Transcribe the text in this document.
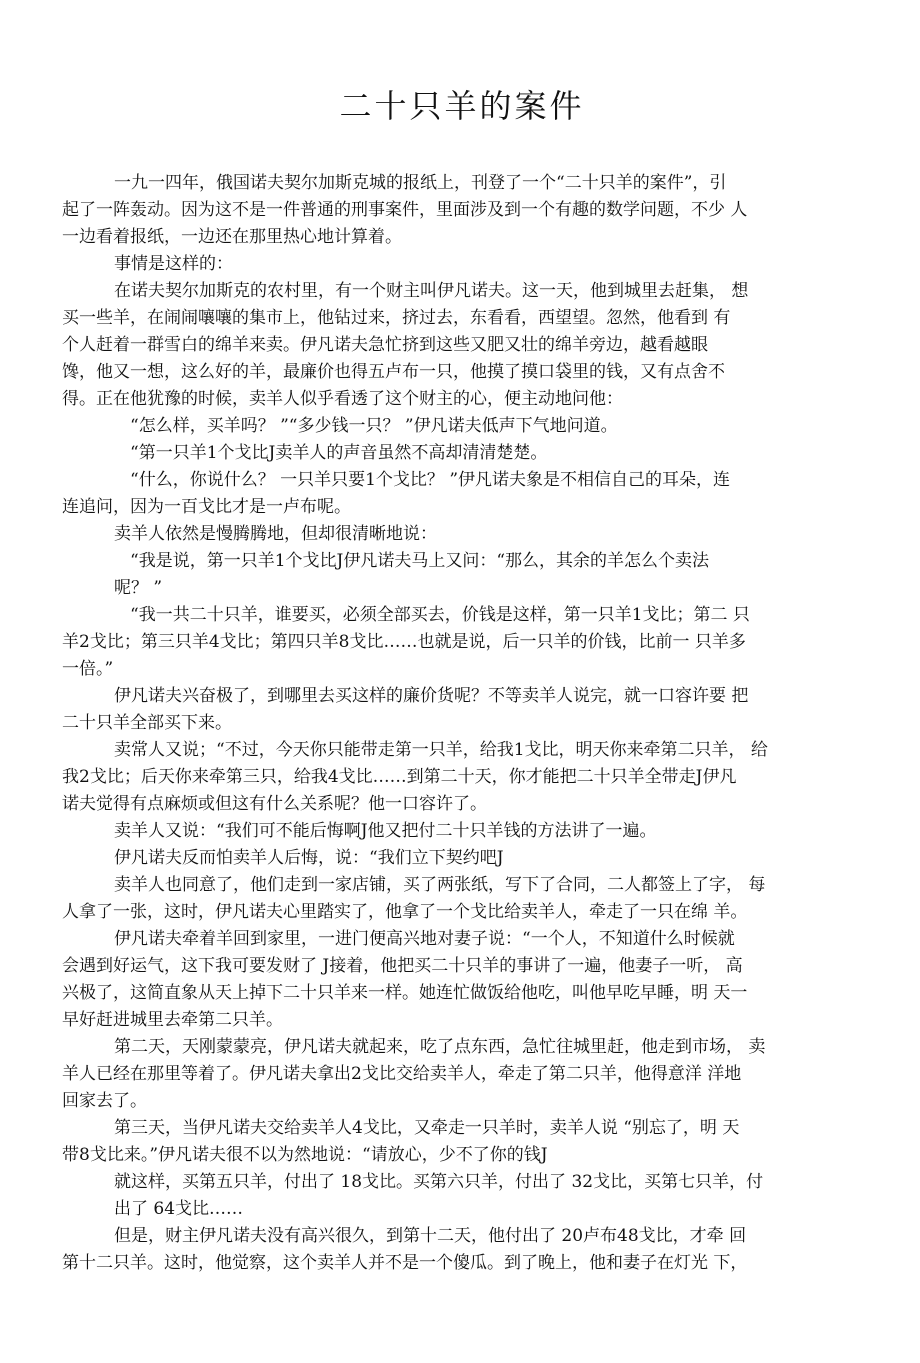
二十只羊的案件
一九一四年，俄国诺夫契尔加斯克城的报纸上，刊登了一个“二十只羊的案件”，引
起了一阵轰动。因为这不是一件普通的刑事案件，里面涉及到一个有趣的数学问题，不少 人
一边看着报纸，一边还在那里热心地计算着。
事情是这样的：
在诺夫契尔加斯克的农村里，有一个财主叫伊凡诺夫。这一天，他到城里去赶集， 想
买一些羊，在闹闹嚷嚷的集市上，他钻过来，挤过去，东看看，西望望。忽然，他看到 有
个人赶着一群雪白的绵羊来卖。伊凡诺夫急忙挤到这些又肥又壮的绵羊旁边，越看越眼
馋，他又一想，这么好的羊，最廉价也得五卢布一只，他摸了摸口袋里的钱，又有点舍不
得。正在他犹豫的时候，卖羊人似乎看透了这个财主的心，便主动地问他：
“怎么样，买羊吗？ ”“多少钱一只？ ”伊凡诺夫低声下气地问道。
“第一只羊1个戈比J卖羊人的声音虽然不高却清清楚楚。
“什么，你说什么？ 一只羊只要1个戈比？ ”伊凡诺夫象是不相信自己的耳朵，连
连追问，因为一百戈比才是一卢布呢。
卖羊人依然是慢腾腾地，但却很清晰地说：
“我是说，第一只羊1个戈比J伊凡诺夫马上又问：“那么，其余的羊怎么个卖法
呢？ ”
“我一共二十只羊，谁要买，必须全部买去，价钱是这样，第一只羊1戈比；第二 只
羊2戈比；第三只羊4戈比；第四只羊8戈比……也就是说，后一只羊的价钱，比前一 只羊多
一倍。”
伊凡诺夫兴奋极了，到哪里去买这样的廉价货呢？不等卖羊人说完，就一口容许要 把
二十只羊全部买下来。
卖常人又说；“不过，今天你只能带走第一只羊，给我1戈比，明天你来牵第二只羊， 给
我2戈比；后天你来牵第三只，给我4戈比……到第二十天，你才能把二十只羊全带走J伊凡
诺夫觉得有点麻烦或但这有什么关系呢？他一口容许了。
卖羊人又说：“我们可不能后悔啊J他又把付二十只羊钱的方法讲了一遍。
伊凡诺夫反而怕卖羊人后悔，说：“我们立下契约吧J
卖羊人也同意了，他们走到一家店铺，买了两张纸，写下了合同，二人都签上了字， 每
人拿了一张，这时，伊凡诺夫心里踏实了，他拿了一个戈比给卖羊人，牵走了一只在绵 羊。
伊凡诺夫牵着羊回到家里，一进门便高兴地对妻子说：“一个人，不知道什么时候就
会遇到好运气，这下我可要发财了 J接着，他把买二十只羊的事讲了一遍，他妻子一听， 高
兴极了，这简直象从天上掉下二十只羊来一样。她连忙做饭给他吃，叫他早吃早睡，明 天一
早好赶进城里去牵第二只羊。
第二天，天刚蒙蒙亮，伊凡诺夫就起来，吃了点东西，急忙往城里赶，他走到市场， 卖
羊人已经在那里等着了。伊凡诺夫拿出2戈比交给卖羊人，牵走了第二只羊，他得意洋 洋地
回家去了。
第三天，当伊凡诺夫交给卖羊人4戈比，又牵走一只羊时，卖羊人说 “别忘了，明 天
带8戈比来。”伊凡诺夫很不以为然地说：“请放心，少不了你的钱J
就这样，买第五只羊，付出了 18戈比。买第六只羊，付出了 32戈比，买第七只羊，付
出了 64戈比……
但是，财主伊凡诺夫没有高兴很久，到第十二天，他付出了 20卢布48戈比，才牵 回
第十二只羊。这时，他觉察，这个卖羊人并不是一个傻瓜。到了晚上，他和妻子在灯光 下，
